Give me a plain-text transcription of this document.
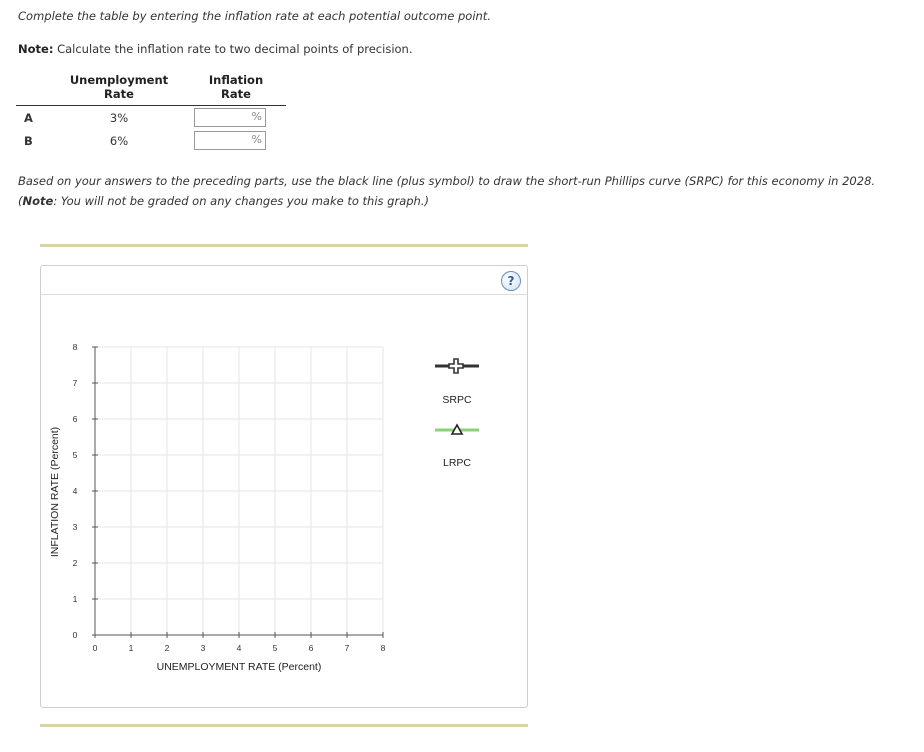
Complete the table by entering the inflation rate at each potential outcome point.
Note: Calculate the inflation rate to two decimal points of precision.
	Unemployment Rate	Inflation Rate
A	3%	%

B	6%	%
Based on your answers to the preceding parts, use the black line (plus symbol) to draw the short-run Phillips curve (SRPC) for this economy in 2028.
(Note: You will not be graded on any changes you make to this graph.)
?
0	1	2	3	4	5	6	7	8
0
1
2
3
4
5
6
7
8
UNEMPLOYMENT RATE (Percent)
INFLATION RATE (Percent)
SRPC
LRPC
